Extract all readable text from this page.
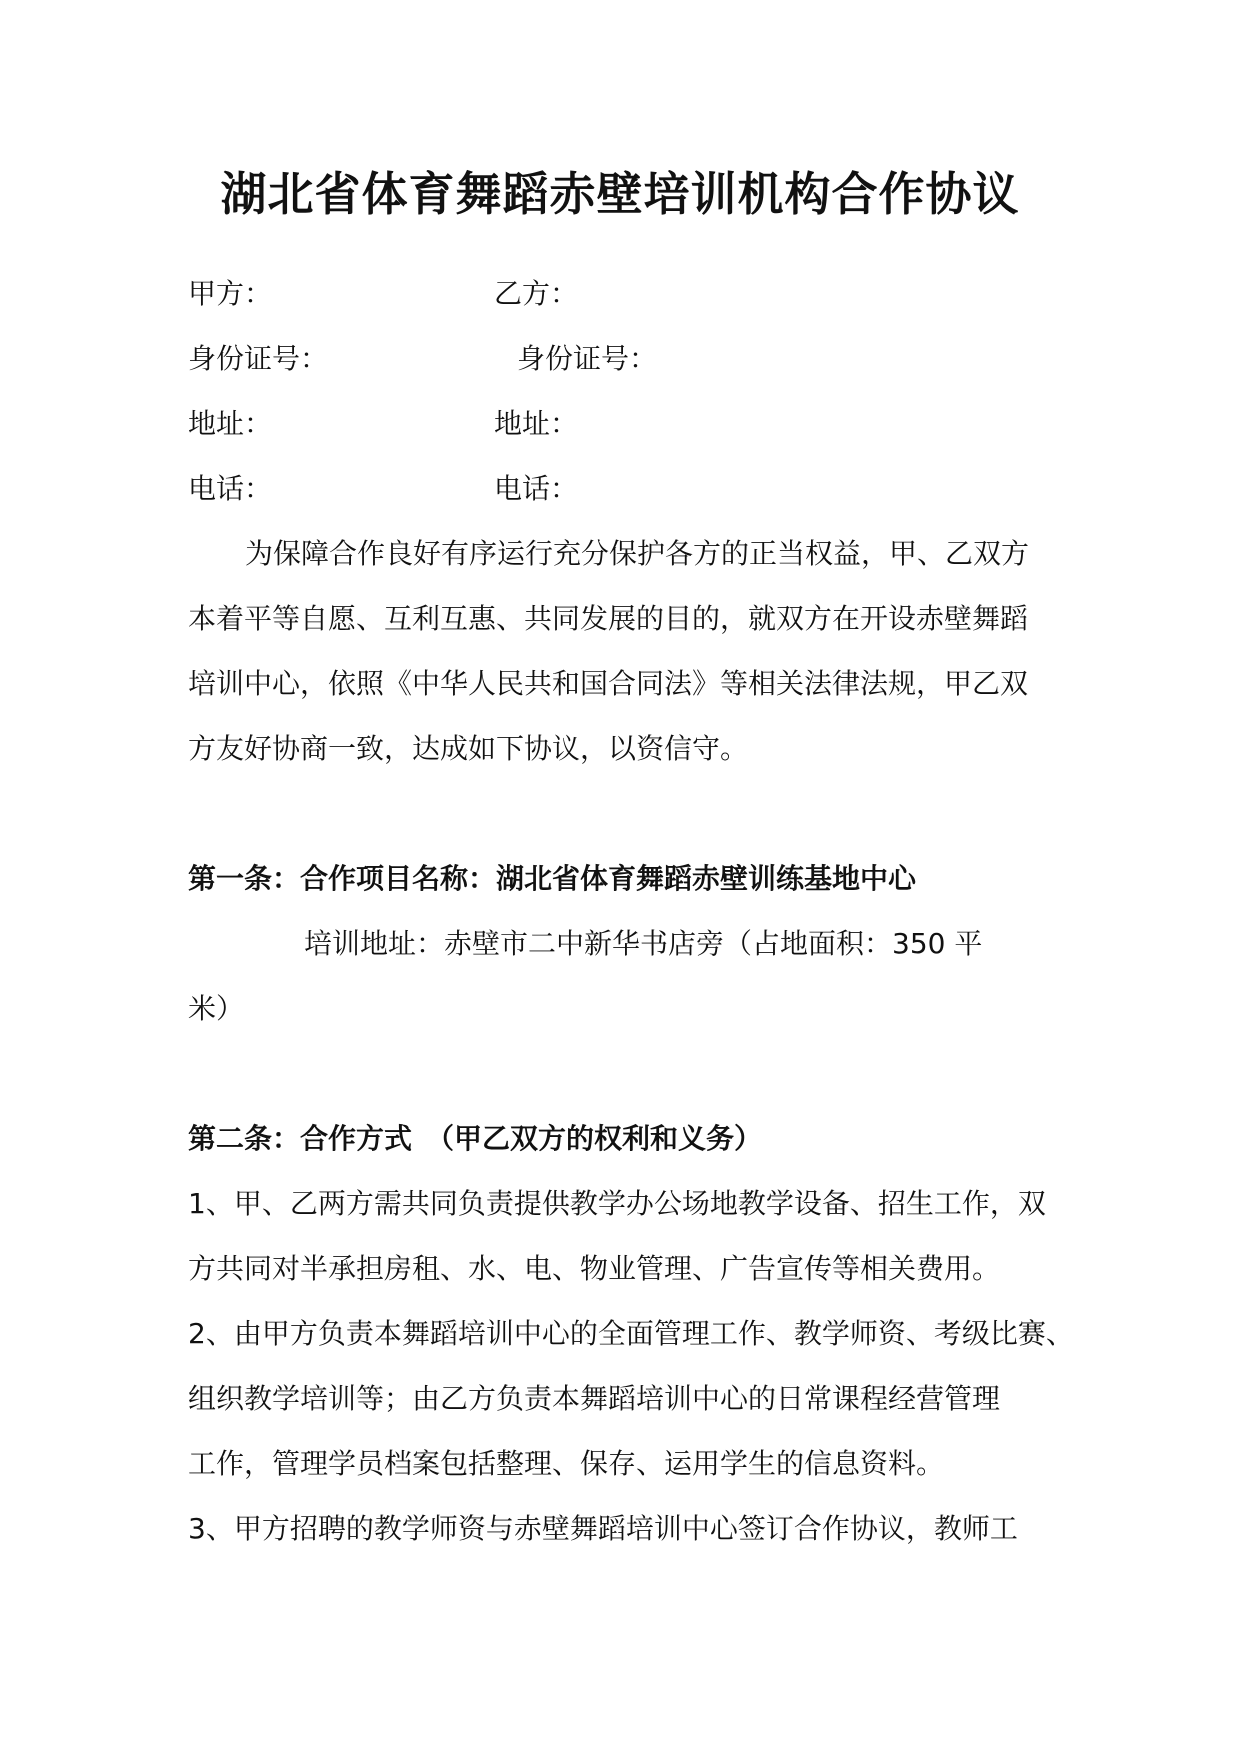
湖北省体育舞蹈赤壁培训机构合作协议
甲方：	乙方：
身份证号：	身份证号：
地址：	地址：
电话：	电话：
为保障合作良好有序运行充分保护各方的正当权益，甲、乙双方
本着平等自愿、互利互惠、共同发展的目的，就双方在开设赤壁舞蹈
培训中心，依照《中华人民共和国合同法》等相关法律法规，甲乙双
方友好协商一致，达成如下协议，以资信守。
第一条：合作项目名称：湖北省体育舞蹈赤壁训练基地中心
培训地址：赤壁市二中新华书店旁（占地面积：350 平
米）
第二条：合作方式　（甲乙双方的权利和义务）
1、甲、乙两方需共同负责提供教学办公场地教学设备、招生工作，双
方共同对半承担房租、水、电、物业管理、广告宣传等相关费用。
2、由甲方负责本舞蹈培训中心的全面管理工作、教学师资、考级比赛、
组织教学培训等；由乙方负责本舞蹈培训中心的日常课程经营管理
工作，管理学员档案包括整理、保存、运用学生的信息资料。
3、甲方招聘的教学师资与赤壁舞蹈培训中心签订合作协议，教师工
